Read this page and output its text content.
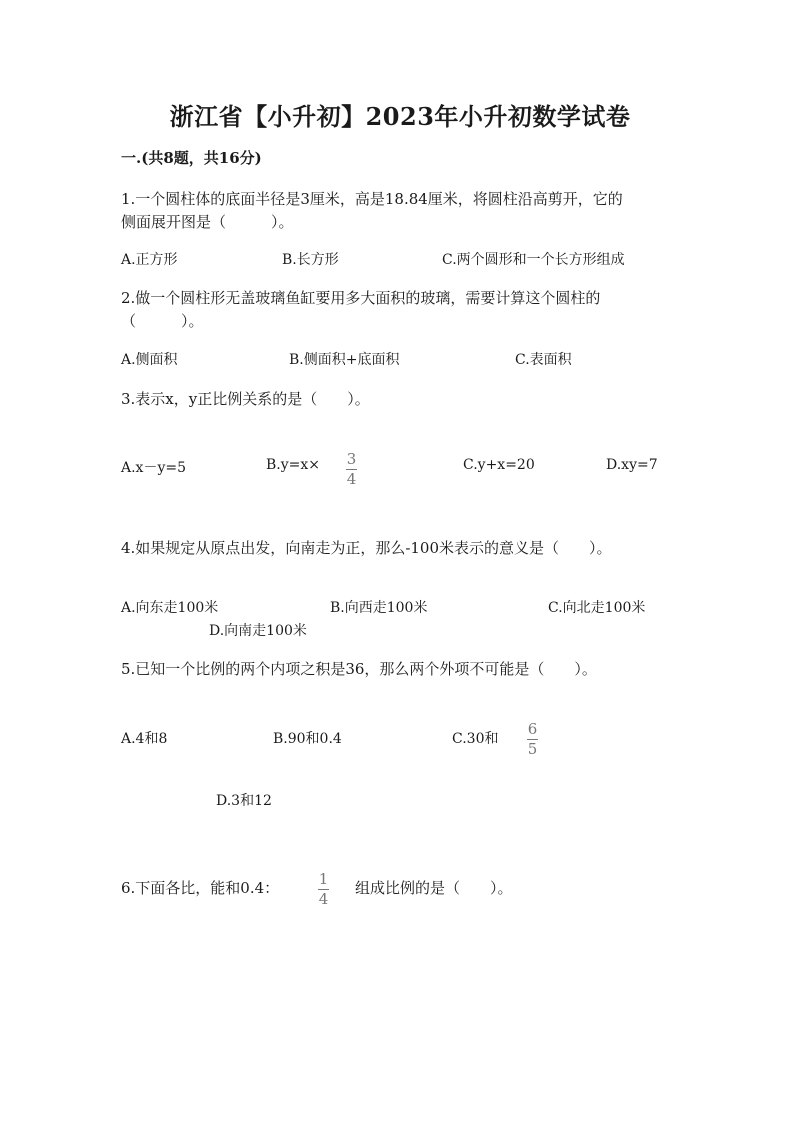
浙江省【小升初】2023年小升初数学试卷
一.(共8题，共16分)
1.一个圆柱体的底面半径是3厘米，高是18.84厘米，将圆柱沿高剪开，它的
侧面展开图是（　　　）。
A.正方形	B.长方形	C.两个圆形和一个长方形组成
2.做一个圆柱形无盖玻璃鱼缸要用多大面积的玻璃，需要计算这个圆柱的
（　　　）。
A.侧面积	B.侧面积+底面积	C.表面积
3.表示x，y正比例关系的是（　　）。
A.x－y=5	B.y=x× 3
4
C.y+x=20	D.xy=7
4.如果规定从原点出发，向南走为正，那么-100米表示的意义是（　　）。
A.向东走100米	B.向西走100米	C.向北走100米
D.向南走100米
5.已知一个比例的两个内项之积是36，那么两个外项不可能是（　　）。
A.4和8	B.90和0.4	C.30和
6
5
D.3和12
6.下面各比，能和0.4：	1
4
组成比例的是（　　）。
